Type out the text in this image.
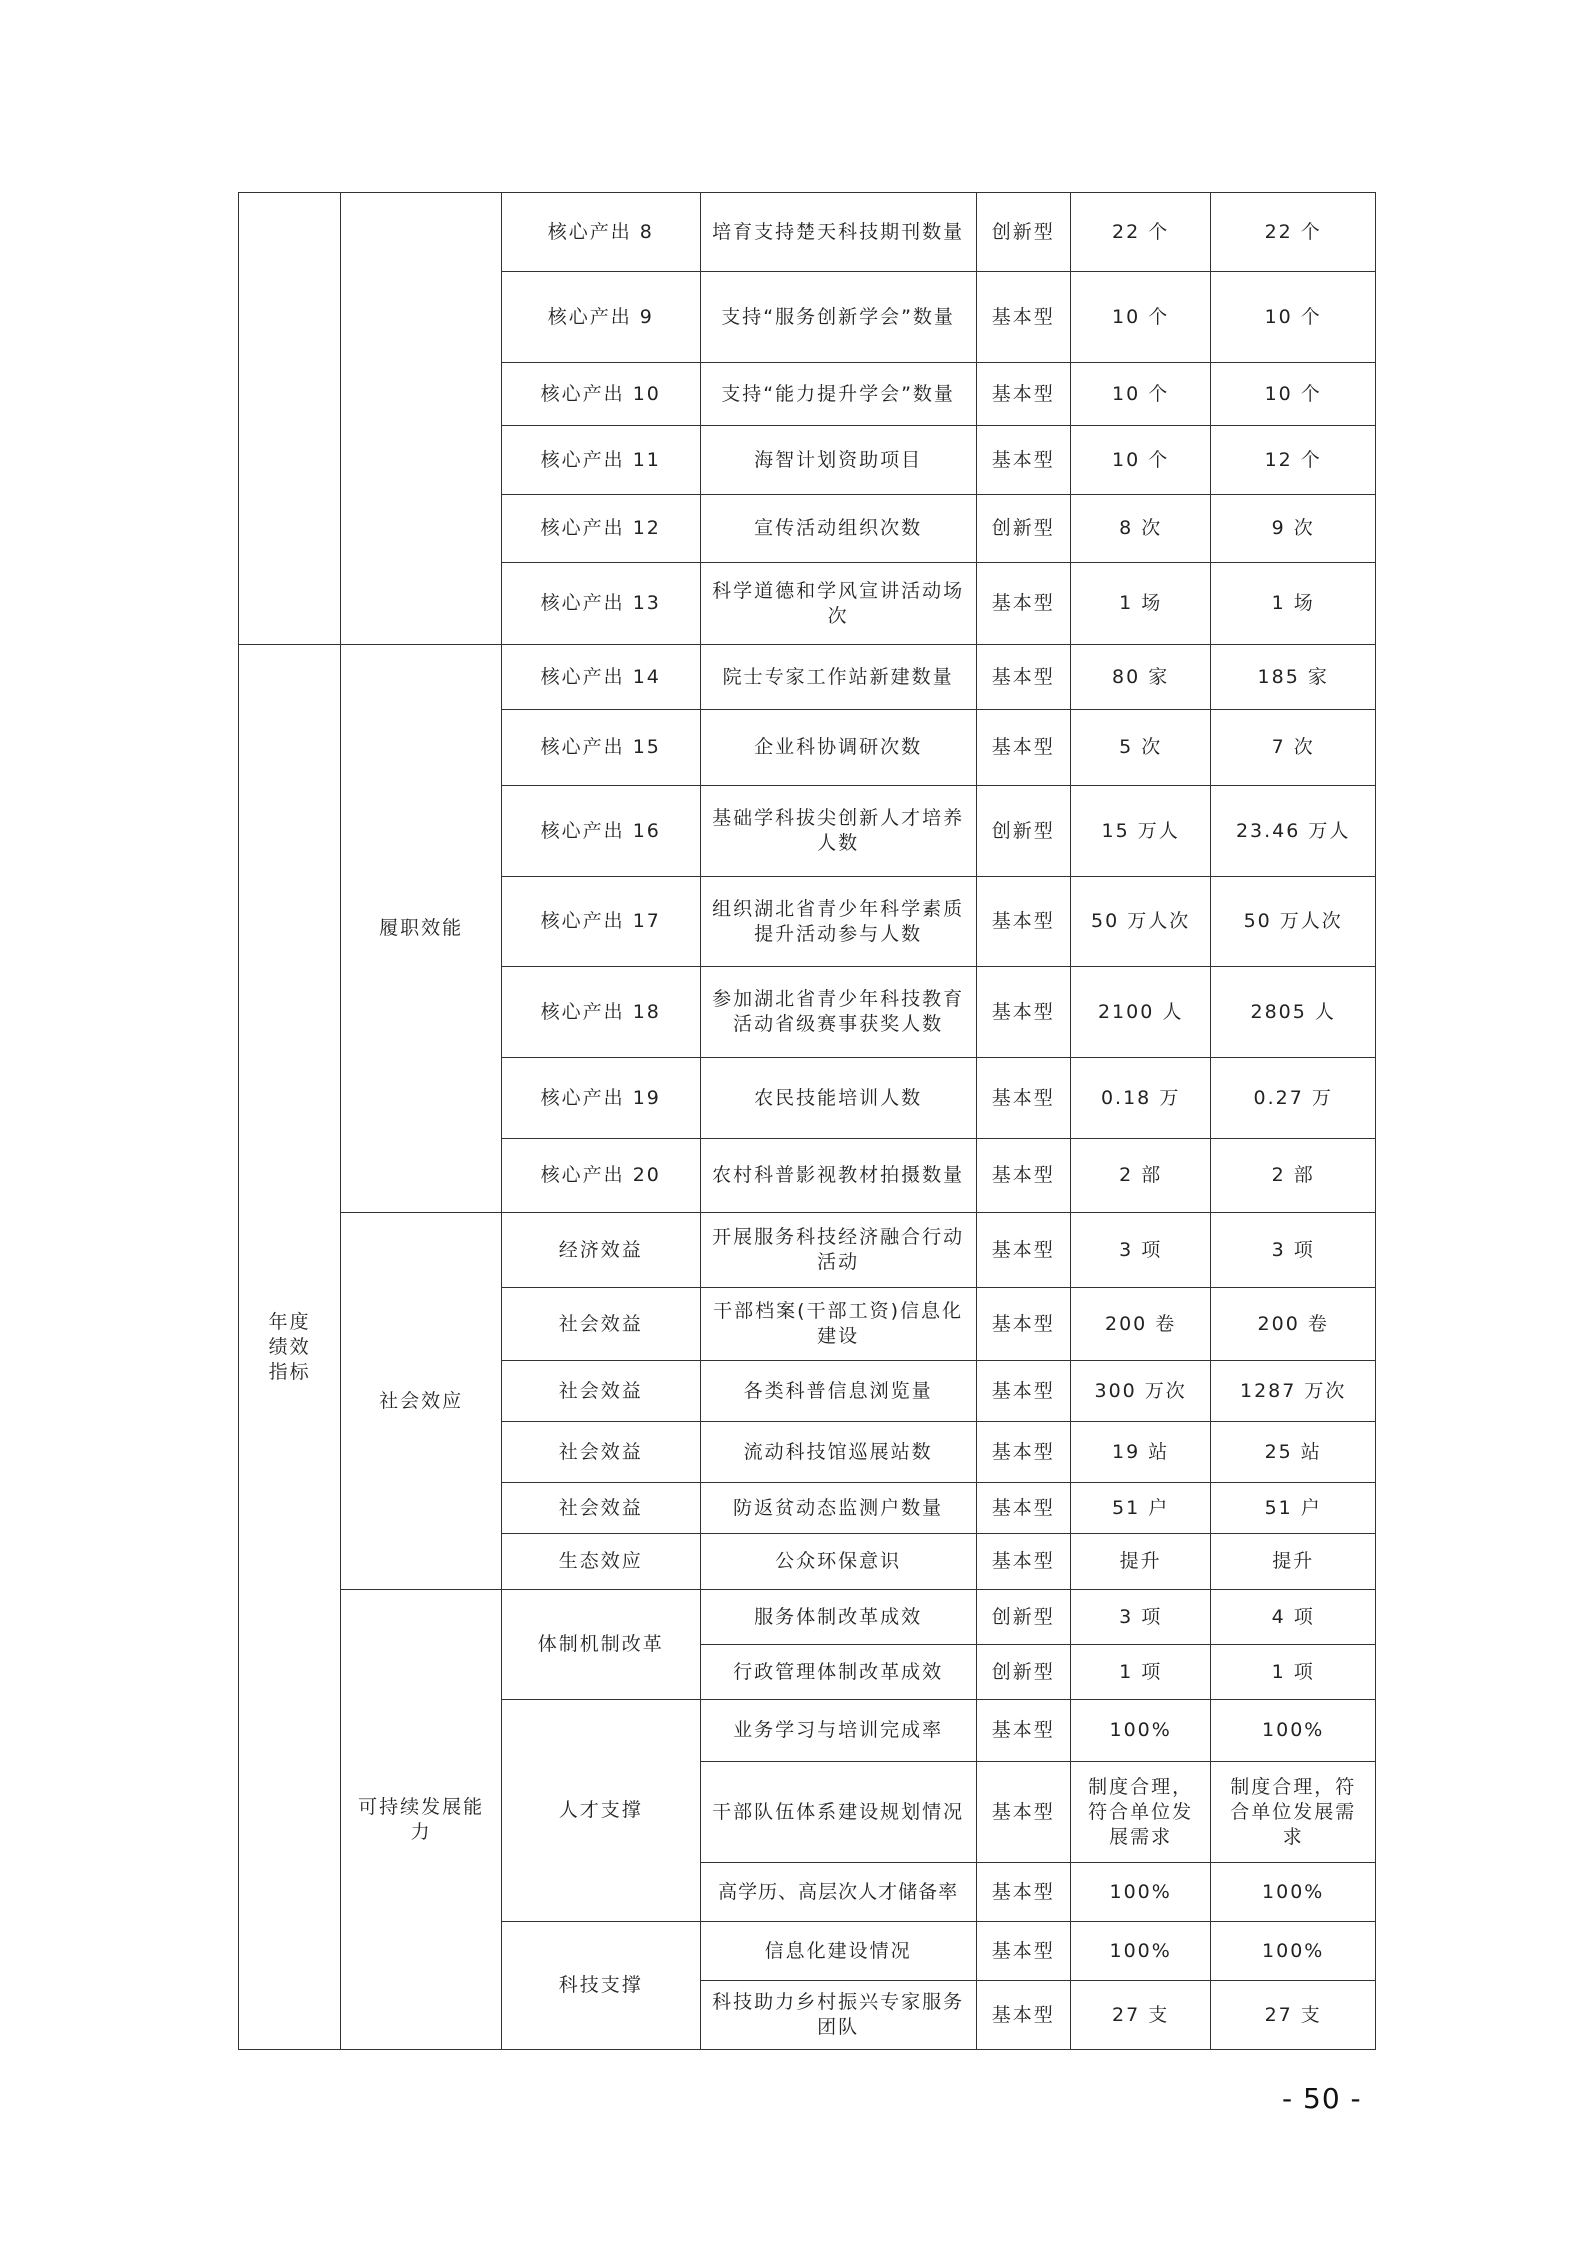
		核心产出 8	培育支持楚天科技期刊数量	创新型	22 个	22 个
		核心产出 9	支持“服务创新学会”数量	基本型	10 个	10 个
		核心产出 10	支持“能力提升学会”数量	基本型	10 个	10 个
		核心产出 11	海智计划资助项目	基本型	10 个	12 个
		核心产出 12	宣传活动组织次数	创新型	8 次	9 次
		核心产出 13	科学道德和学风宣讲活动场次	基本型	1 场	1 场
年度绩效指标	履职效能	核心产出 14	院士专家工作站新建数量	基本型	80 家	185 家
		核心产出 15	企业科协调研次数	基本型	5 次	7 次
		核心产出 16	基础学科拔尖创新人才培养人数	创新型	15 万人	23.46 万人
		核心产出 17	组织湖北省青少年科学素质提升活动参与人数	基本型	50 万人次	50 万人次
		核心产出 18	参加湖北省青少年科技教育活动省级赛事获奖人数	基本型	2100 人	2805 人
		核心产出 19	农民技能培训人数	基本型	0.18 万	0.27 万
		核心产出 20	农村科普影视教材拍摄数量	基本型	2 部	2 部
	社会效应	经济效益	开展服务科技经济融合行动活动	基本型	3 项	3 项
		社会效益	干部档案(干部工资)信息化建设	基本型	200 卷	200 卷
		社会效益	各类科普信息浏览量	基本型	300 万次	1287 万次
		社会效益	流动科技馆巡展站数	基本型	19 站	25 站
		社会效益	防返贫动态监测户数量	基本型	51 户	51 户
		生态效应	公众环保意识	基本型	提升	提升
	可持续发展能力	体制机制改革	服务体制改革成效	创新型	3 项	4 项
			行政管理体制改革成效	创新型	1 项	1 项
		人才支撑	业务学习与培训完成率	基本型	100%	100%
			干部队伍体系建设规划情况	基本型	制度合理，符合单位发展需求	制度合理，符合单位发展需求
			高学历、高层次人才储备率	基本型	100%	100%
		科技支撑	信息化建设情况	基本型	100%	100%
			科技助力乡村振兴专家服务团队	基本型	27 支	27 支
- 50 -
